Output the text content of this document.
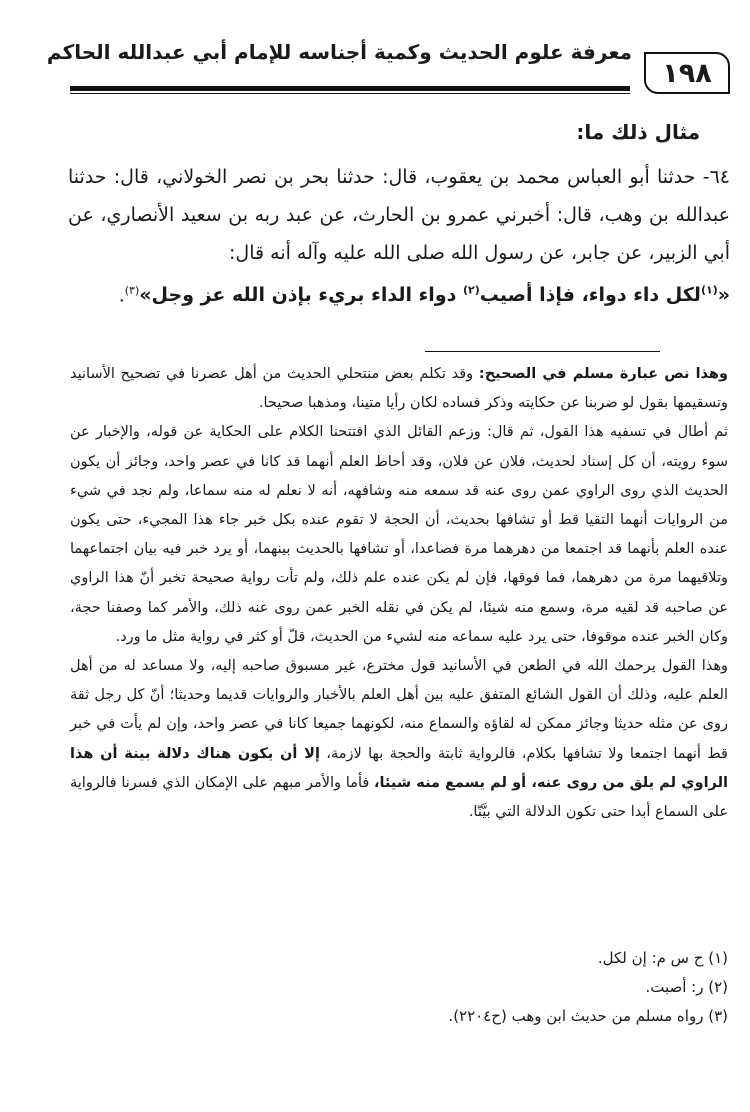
معرفة علوم الحديث وكمية أجناسه للإمام أبي عبدالله الحاكم
١٩٨
مثال ذلك ما:
٦٤- حدثنا أبو العباس محمد بن يعقوب، قال: حدثنا بحر بن نصر الخولاني، قال: حدثنا عبدالله بن وهب، قال: أخبرني عمرو بن الحارث، عن عبد ربه بن سعيد الأنصاري، عن أبي الزبير، عن جابر، عن رسول الله صلى الله عليه وآله أنه قال:
«$^{(١)}$لكل داء دواء، فإذا أصيب$^{(٢)}$ دواء الداء بريء بإذن الله عز وجل»$^{(٣)}$.

وهذا نص عبارة مسلم في الصحيح: وقد تكلم بعض منتحلي الحديث من أهل عصرنا في تصحيح الأسانيد وتسقيمها بقول لو ضربنا عن حكايته وذكر فساده لكان رأيا متينا، ومذهبا صحيحا.

ثم أطال في تسفيه هذا القول، ثم قال: وزعم القائل الذي افتتحنا الكلام على الحكاية عن قوله، والإخبار عن سوء رويته، أن كل إسناد لحديث، فلان عن فلان، وقد أحاط العلم أنهما قد كانا في عصر واحد، وجائز أن يكون الحديث الذي روى الراوي عمن روى عنه قد سمعه منه وشافهه، أنه لا نعلم له منه سماعا، ولم نجد في شيء من الروايات أنهما التقيا قط أو تشافها بحديث، أن الحجة لا تقوم عنده بكل خبر جاء هذا المجيء، حتى يكون عنده العلم بأنهما قد اجتمعا من دهرهما مرة فصاعدا، أو تشافها بالحديث بينهما، أو يرد خبر فيه بيان اجتماعهما وتلاقيهما مرة من دهرهما، فما فوقها، فإن لم يكن عنده علم ذلك، ولم تأت رواية صحيحة تخبر أنّ هذا الراوي عن صاحبه قد لقيه مرة، وسمع منه شيئا، لم يكن في نقله الخبر عمن روى عنه ذلك، والأمر كما وصفنا حجة، وكان الخبر عنده موقوفا، حتى يرد عليه سماعه منه لشيء من الحديث، قلّ أو كثر في رواية مثل ما ورد.

وهذا القول يرحمك الله في الطعن في الأسانيد قول مخترع، غير مسبوق صاحبه إليه، ولا مساعد له من أهل العلم عليه، وذلك أن القول الشائع المتفق عليه بين أهل العلم بالأخبار والروايات قديما وحديثا؛ أنّ كل رجل ثقة روى عن مثله حديثا وجائز ممكن له لقاؤه والسماع منه، لكونهما جميعا كانا في عصر واحد، وإن لم يأت في خبر قط أنهما اجتمعا ولا تشافها بكلام، فالرواية ثابتة والحجة بها لازمة، إلا أن يكون هناك دلالة بينة أن هذا الراوي لم يلق من روى عنه، أو لم يسمع منه شيئا، فأما والأمر مبهم على الإمكان الذي فسرنا فالرواية على السماع أبدا حتى تكون الدلالة التي بيَّنّا.

(١) ح س م: إن لكل.
(٢) ر: أصبت.
(٣) رواه مسلم من حديث ابن وهب (ح٢٢٠٤).
